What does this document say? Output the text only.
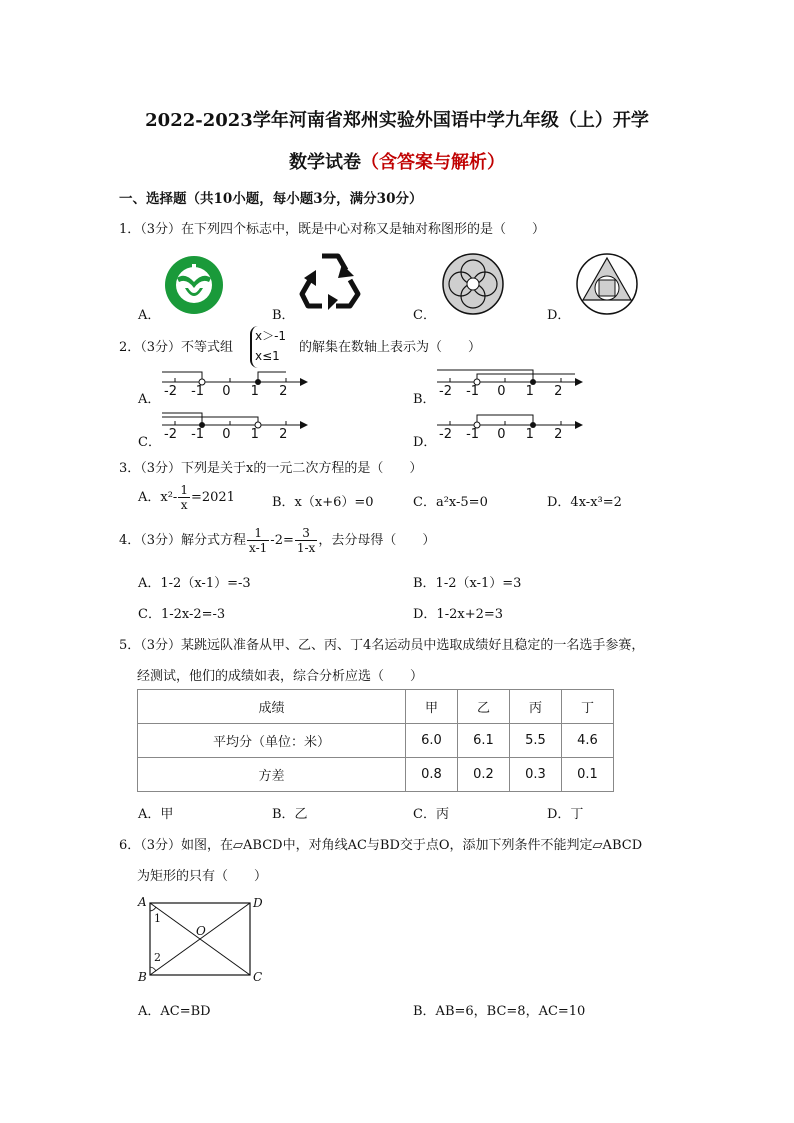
2022-2023学年河南省郑州实验外国语中学九年级（上）开学
数学试卷（含答案与解析）
一、选择题（共10小题，每小题3分，满分30分）
1．（3分）在下列四个标志中，既是中心对称又是轴对称图形的是（　　）
A．	B．	C．	D．
2．（3分）不等式组
x＞-1
x≤1
的解集在数轴上表示为（　　）
A．
-2 -1 0 1 2
B．
-2 -1 0 1 2
C．
-2 -1 0 1 2
D．
-2 -1 0 1 2
3．（3分）下列是关于x的一元二次方程的是（　　）
A．$x^2- \frac{1}{x} =2021$	B．x（x+6）=0	C．a²x-5=0	D．4x-x³=2
4．（3分）解分式方程 $\frac{1}{x-1} -2= \frac{3}{1-x}$ ，去分母得（　　）
A．1-2（x-1）=-3	B．1-2（x-1）=3
C．1-2x-2=-3	D．1-2x+2=3
5．（3分）某跳远队准备从甲、乙、丙、丁4名运动员中选取成绩好且稳定的一名选手参赛，
经测试，他们的成绩如表，综合分析应选（　　）
成绩	甲	乙	丙	丁
平均分（单位：米）	6.0	6.1	5.5	4.6
方差	0.8	0.2	0.3	0.1
A．甲	B．乙	C．丙	D．丁
6．（3分）如图，在▱ABCD中，对角线AC与BD交于点O，添加下列条件不能判定▱ABCD
为矩形的只有（　　）
A	D
B	C
O
1
2
A．AC=BD	B．AB=6，BC=8，AC=10
